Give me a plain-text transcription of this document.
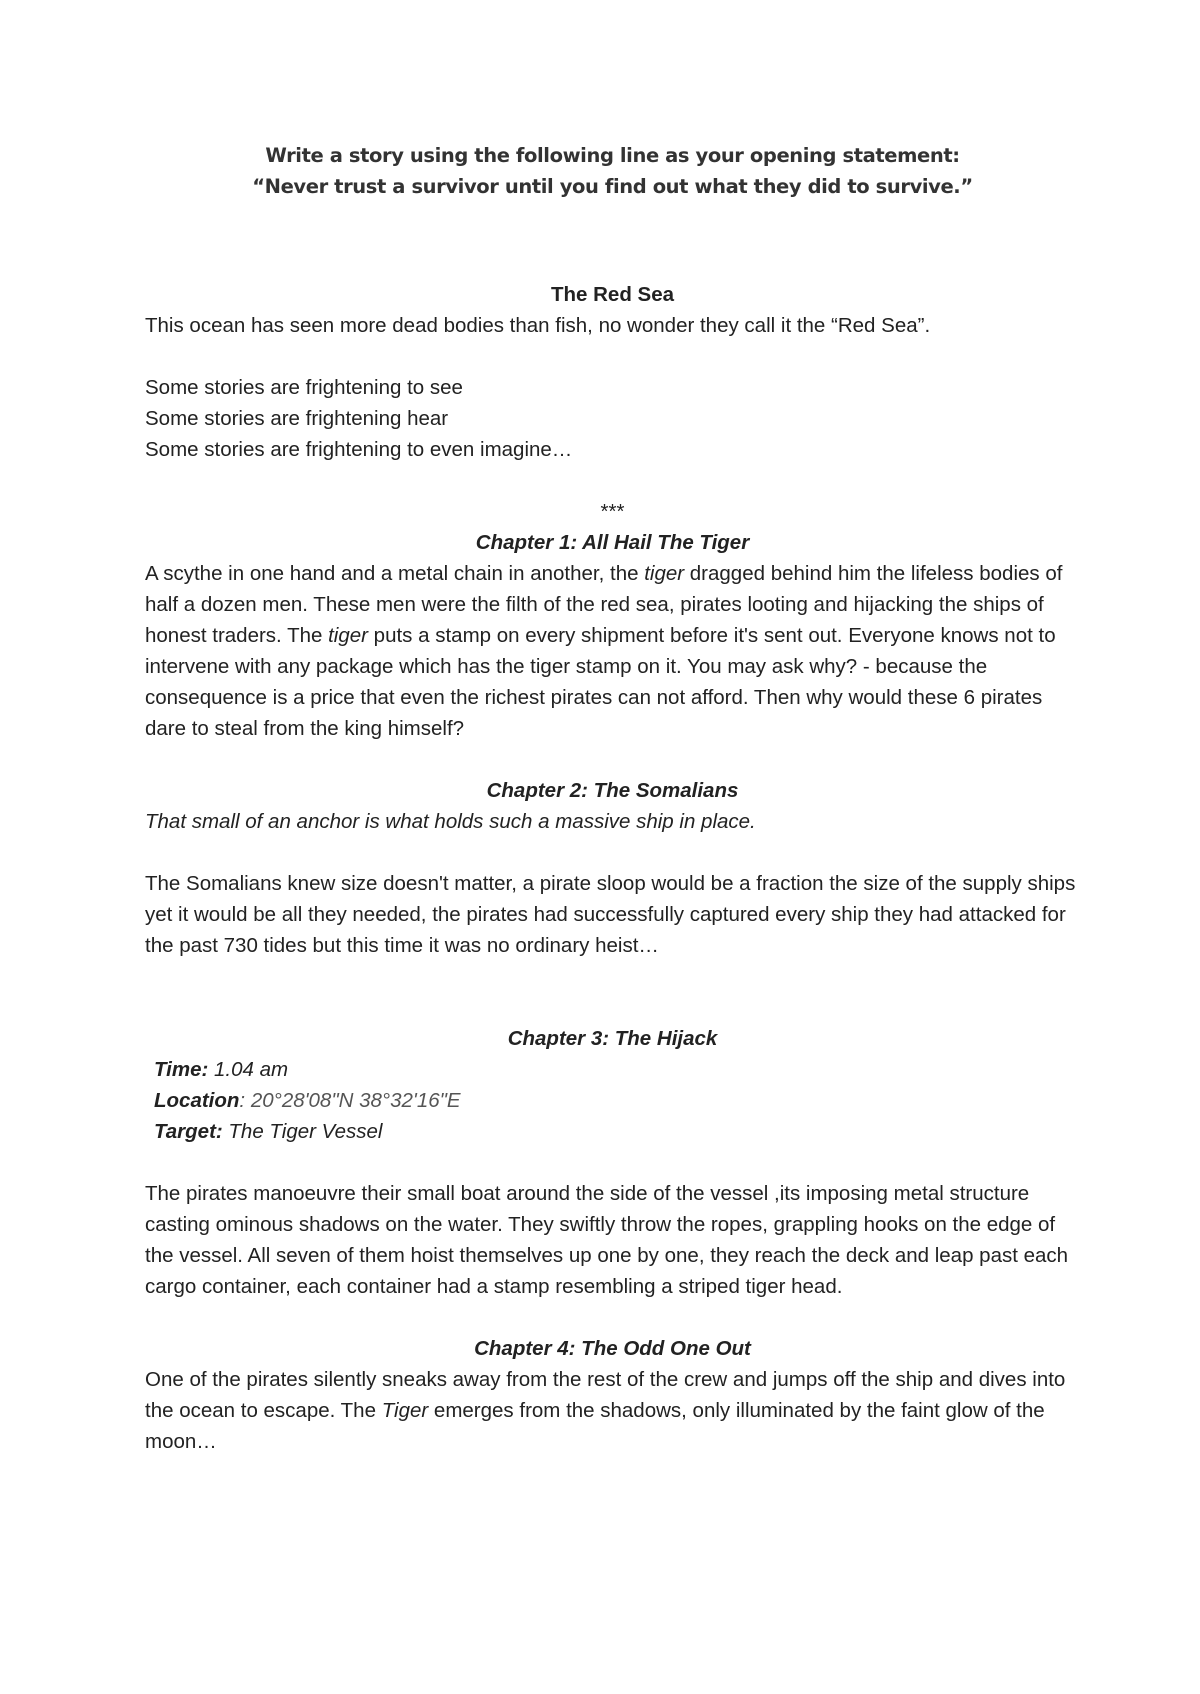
Write a story using the following line as your opening statement:

“Never trust a survivor until you find out what they did to survive.”

The Red Sea

This ocean has seen more dead bodies than fish, no wonder they call it the “Red Sea”.

Some stories are frightening to see

Some stories are frightening hear

Some stories are frightening to even imagine…

***

Chapter 1: All Hail The Tiger

A scythe in one hand and a metal chain in another, the tiger dragged behind him the lifeless bodies of half a dozen men. These men were the filth of the red sea, pirates looting and hijacking the ships of honest traders. The tiger puts a stamp on every shipment before it's sent out. Everyone knows not to intervene with any package which has the tiger stamp on it. You may ask why? - because the consequence is a price that even the richest pirates can not afford. Then why would these 6 pirates dare to steal from the king himself?

Chapter 2: The Somalians

That small of an anchor is what holds such a massive ship in place.

The Somalians knew size doesn't matter, a pirate sloop would be a fraction the size of the supply ships yet it would be all they needed, the pirates had successfully captured every ship they had attacked for the past 730 tides but this time it was no ordinary heist…

Chapter 3: The Hijack

Time: 1.04 am

Location: 20°28'08"N 38°32'16"E

Target: The Tiger Vessel

The pirates manoeuvre their small boat around the side of the vessel ,its imposing metal structure casting ominous shadows on the water. They swiftly throw the ropes, grappling hooks on the edge of the vessel. All seven of them hoist themselves up one by one, they reach the deck and leap past each cargo container, each container had a stamp resembling a striped tiger head.

Chapter 4: The Odd One Out

One of the pirates silently sneaks away from the rest of the crew and jumps off the ship and dives into the ocean to escape. The Tiger emerges from the shadows, only illuminated by the faint glow of the moon…
